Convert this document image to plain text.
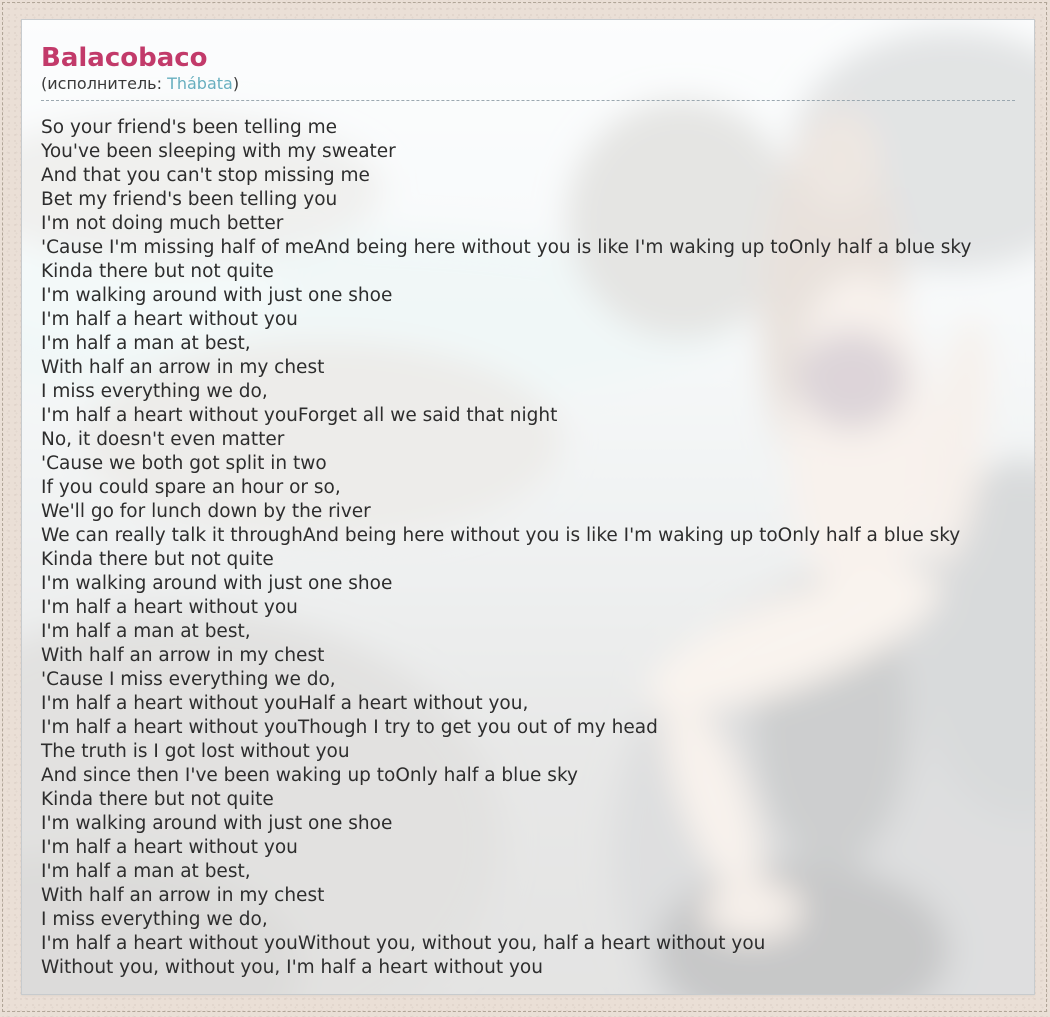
Balacobaco
(исполнитель: Thábata)
So your friend's been telling me
You've been sleeping with my sweater
And that you can't stop missing me
Bet my friend's been telling you
I'm not doing much better
'Cause I'm missing half of meAnd being here without you is like I'm waking up toOnly half a blue sky
Kinda there but not quite
I'm walking around with just one shoe
I'm half a heart without you
I'm half a man at best,
With half an arrow in my chest
I miss everything we do,
I'm half a heart without youForget all we said that night
No, it doesn't even matter
'Cause we both got split in two
If you could spare an hour or so,
We'll go for lunch down by the river
We can really talk it throughAnd being here without you is like I'm waking up toOnly half a blue sky
Kinda there but not quite
I'm walking around with just one shoe
I'm half a heart without you
I'm half a man at best,
With half an arrow in my chest
'Cause I miss everything we do,
I'm half a heart without youHalf a heart without you,
I'm half a heart without youThough I try to get you out of my head
The truth is I got lost without you
And since then I've been waking up toOnly half a blue sky
Kinda there but not quite
I'm walking around with just one shoe
I'm half a heart without you
I'm half a man at best,
With half an arrow in my chest
I miss everything we do,
I'm half a heart without youWithout you, without you, half a heart without you
Without you, without you, I'm half a heart without you
